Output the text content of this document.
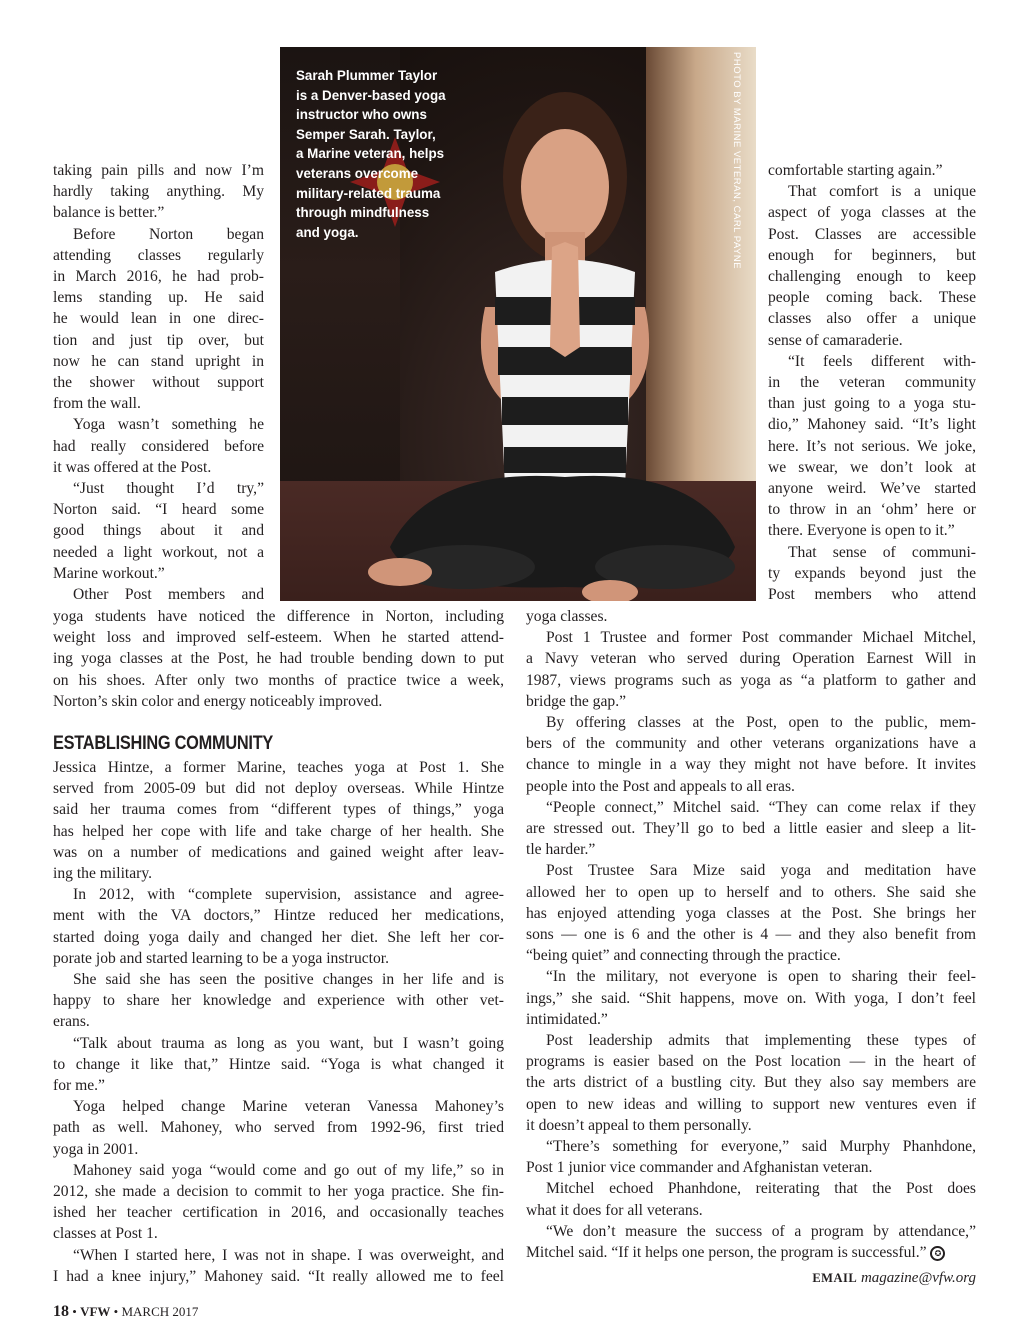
Sarah Plummer Taylor
is a Denver-based yoga
instructor who owns
Semper Sarah. Taylor,
a Marine veteran, helps
veterans overcome
military-related trauma
through mindfulness
and yoga.	PHOTO BY MARINE VETERAN, CARL PAYNE
taking pain pills and now I’m
hardly taking anything. My
balance is better.”
Before Norton began
attending classes regularly
in March 2016, he had prob-
lems standing up. He said
he would lean in one direc-
tion and just tip over, but
now he can stand upright in
the shower without support
from the wall.
Yoga wasn’t something he
had really considered before
it was offered at the Post.
“Just thought I’d try,”
Norton said. “I heard some
good things about it and
needed a light workout, not a
Marine workout.”
Other Post members and
yoga students have noticed the difference in Norton, including
weight loss and improved self-esteem. When he started attend-
ing yoga classes at the Post, he had trouble bending down to put
on his shoes. After only two months of practice twice a week,
Norton’s skin color and energy noticeably improved.
ESTABLISHING COMMUNITY
Jessica Hintze, a former Marine, teaches yoga at Post 1. She
served from 2005-09 but did not deploy overseas. While Hintze
said her trauma comes from “different types of things,” yoga
has helped her cope with life and take charge of her health. She
was on a number of medications and gained weight after leav-
ing the military.
In 2012, with “complete supervision, assistance and agree-
ment with the VA doctors,” Hintze reduced her medications,
started doing yoga daily and changed her diet. She left her cor-
porate job and started learning to be a yoga instructor.
She said she has seen the positive changes in her life and is
happy to share her knowledge and experience with other vet-
erans.
“Talk about trauma as long as you want, but I wasn’t going
to change it like that,” Hintze said. “Yoga is what changed it
for me.”
Yoga helped change Marine veteran Vanessa Mahoney’s
path as well. Mahoney, who served from 1992-96, first tried
yoga in 2001.
Mahoney said yoga “would come and go out of my life,” so in
2012, she made a decision to commit to her yoga practice. She fin-
ished her teacher certification in 2016, and occasionally teaches
classes at Post 1.
“When I started here, I was not in shape. I was overweight, and
I had a knee injury,” Mahoney said. “It really allowed me to feel
comfortable starting again.”
That comfort is a unique
aspect of yoga classes at the
Post. Classes are accessible
enough for beginners, but
challenging enough to keep
people coming back. These
classes also offer a unique
sense of camaraderie.
“It feels different with-
in the veteran community
than just going to a yoga stu-
dio,” Mahoney said. “It’s light
here. It’s not serious. We joke,
we swear, we don’t look at
anyone weird. We’ve started
to throw in an ‘ohm’ here or
there. Everyone is open to it.”
That sense of communi-
ty expands beyond just the
Post members who attend
yoga classes.
Post 1 Trustee and former Post commander Michael Mitchel,
a Navy veteran who served during Operation Earnest Will in
1987, views programs such as yoga as “a platform to gather and
bridge the gap.”
By offering classes at the Post, open to the public, mem-
bers of the community and other veterans organizations have a
chance to mingle in a way they might not have before. It invites
people into the Post and appeals to all eras.
“People connect,” Mitchel said. “They can come relax if they
are stressed out. They’ll go to bed a little easier and sleep a lit-
tle harder.”
Post Trustee Sara Mize said yoga and meditation have
allowed her to open up to herself and to others. She said she
has enjoyed attending yoga classes at the Post. She brings her
sons — one is 6 and the other is 4 — and they also benefit from
“being quiet” and connecting through the practice.
“In the military, not everyone is open to sharing their feel-
ings,” she said. “Shit happens, move on. With yoga, I don’t feel
intimidated.”
Post leadership admits that implementing these types of
programs is easier based on the Post location — in the heart of
the arts district of a bustling city. But they also say members are
open to new ideas and willing to support new ventures even if
it doesn’t appeal to them personally.
“There’s something for everyone,” said Murphy Phanhdone,
Post 1 junior vice commander and Afghanistan veteran.
Mitchel echoed Phanhdone, reiterating that the Post does
what it does for all veterans.
“We don’t measure the success of a program by attendance,”
Mitchel said. “If it helps one person, the program is successful.” ✪
EMAIL magazine@vfw.org
18 • VFW • MARCH 2017
